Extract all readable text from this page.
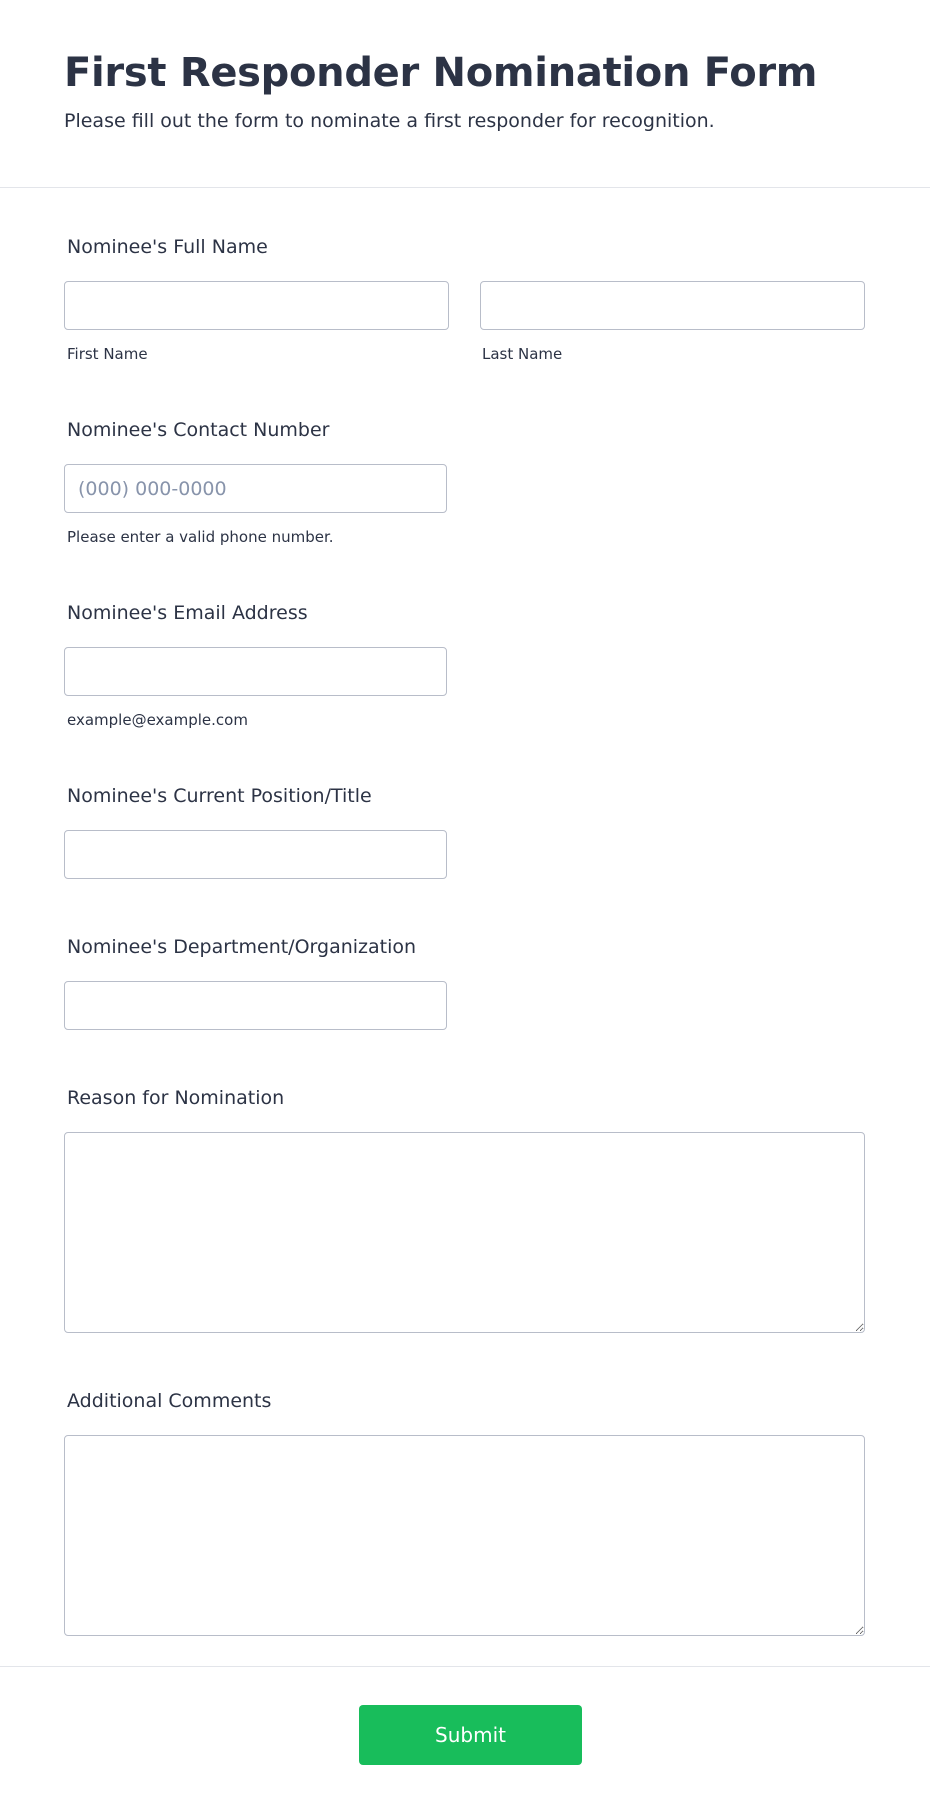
First Responder Nomination Form

Please fill out the form to nominate a first responder for recognition.

Nominee's Full Name
First Name	Last Name
Nominee's Contact Number
(000) 000-0000
Please enter a valid phone number.
Nominee's Email Address
example@example.com
Nominee's Current Position/Title
Nominee's Department/Organization
Reason for Nomination
Additional Comments
Submit
